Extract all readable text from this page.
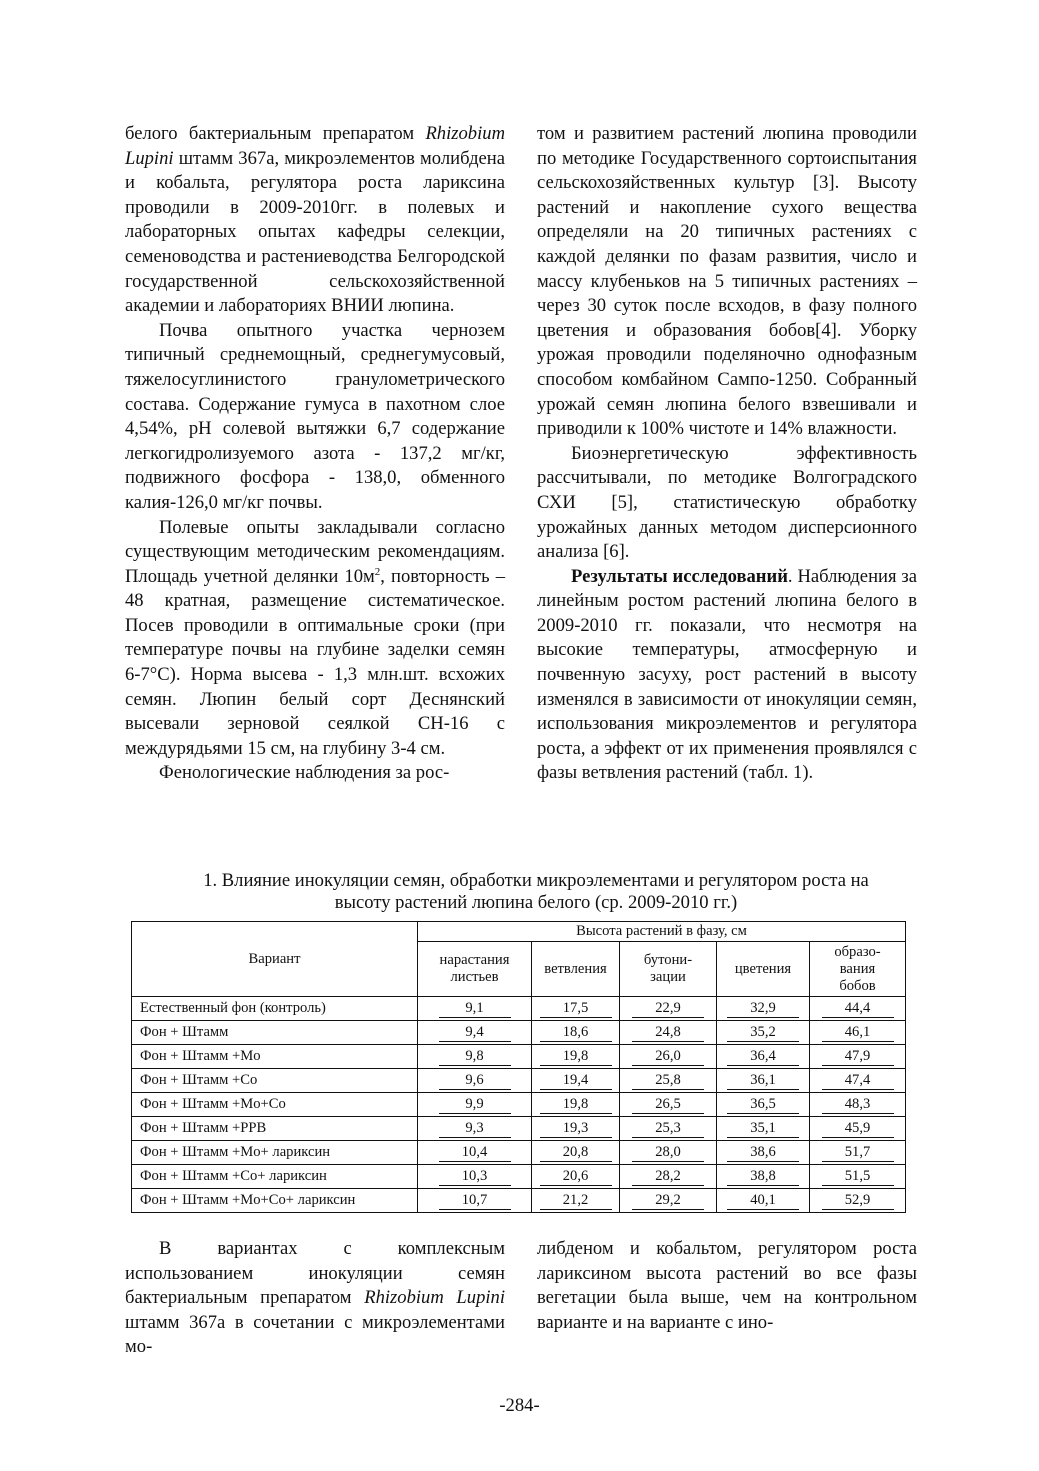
белого бактериальным препаратом Rhizobium Lupini штамм 367а, микроэлементов молибдена и кобальта, регулятора роста лариксина проводили в 2009-2010гг. в полевых и лабораторных опытах кафедры селекции, семеноводства и растениеводства Белгородской государственной сельскохозяйственной академии и лабораториях ВНИИ люпина.

Почва опытного участка чернозем типичный среднемощный, среднегумусовый, тяжелосуглинистого гранулометрического состава. Содержание гумуса в пахотном слое 4,54%, pH солевой вытяжки 6,7 содержание легкогидролизуемого азота - 137,2 мг/кг, подвижного фосфора - 138,0, обменного калия-126,0 мг/кг почвы.

Полевые опыты закладывали согласно существующим методическим рекомендациям. Площадь учетной делянки $10м^2$, повторность – 48 кратная, размещение систематическое. Посев проводили в оптимальные сроки (при температуре почвы на глубине заделки семян 6-7°С). Норма высева - 1,3 млн.шт. всхожих семян. Люпин белый сорт Деснянский высевали зерновой сеялкой СН-16 с междурядьями 15 см, на глубину 3-4 см.

Фенологические наблюдения за рос-

том и развитием растений люпина проводили по методике Государственного сортоиспытания сельскохозяйственных культур [3]. Высоту растений и накопление сухого вещества определяли на 20 типичных растениях с каждой делянки по фазам развития, число и массу клубеньков на 5 типичных растениях – через 30 суток после всходов, в фазу полного цветения и образования бобов[4]. Уборку урожая проводили поделяночно однофазным способом комбайном Сампо-1250. Собранный урожай семян люпина белого взвешивали и приводили к 100% чистоте и 14% влажности.

Биоэнергетическую эффективность рассчитывали, по методике Волгоградского СХИ [5], статистическую обработку урожайных данных методом дисперсионного анализа [6].

Результаты исследований. Наблюдения за линейным ростом растений люпина белого в 2009-2010 гг. показали, что несмотря на высокие температуры, атмосферную и почвенную засуху, рост растений в высоту изменялся в зависимости от инокуляции семян, использования микроэлементов и регулятора роста, а эффект от их применения проявлялся с фазы ветвления растений (табл. 1).

1. Влияние инокуляции семян, обработки микроэлементами и регулятором роста на
высоту растений люпина белого (ср. 2009-2010 гг.)
Вариант	Высота растений в фазу, см				
	нарастания листьев	ветвления	бутони-зации	цветения	образо-вания бобов
Естественный фон (контроль)	9,1	17,5	22,9	32,9	44,4
Фон + Штамм	9,4	18,6	24,8	35,2	46,1
Фон + Штамм +Mo	9,8	19,8	26,0	36,4	47,9
Фон + Штамм +Co	9,6	19,4	25,8	36,1	47,4
Фон + Штамм +Mo+Co	9,9	19,8	26,5	36,5	48,3
Фон + Штамм +РРВ	9,3	19,3	25,3	35,1	45,9
Фон + Штамм +Mo+ лариксин	10,4	20,8	28,0	38,6	51,7
Фон + Штамм +Co+ лариксин	10,3	20,6	28,2	38,8	51,5
Фон + Штамм +Mo+Co+ лариксин	10,7	21,2	29,2	40,1	52,9

В вариантах с комплексным использованием инокуляции семян бактериальным препаратом Rhizobium Lupini штамм 367а в сочетании с микроэлементами мо-

либденом и кобальтом, регулятором роста лариксином высота растений во все фазы вегетации была выше, чем на контрольном варианте и на варианте с ино-

-284-
